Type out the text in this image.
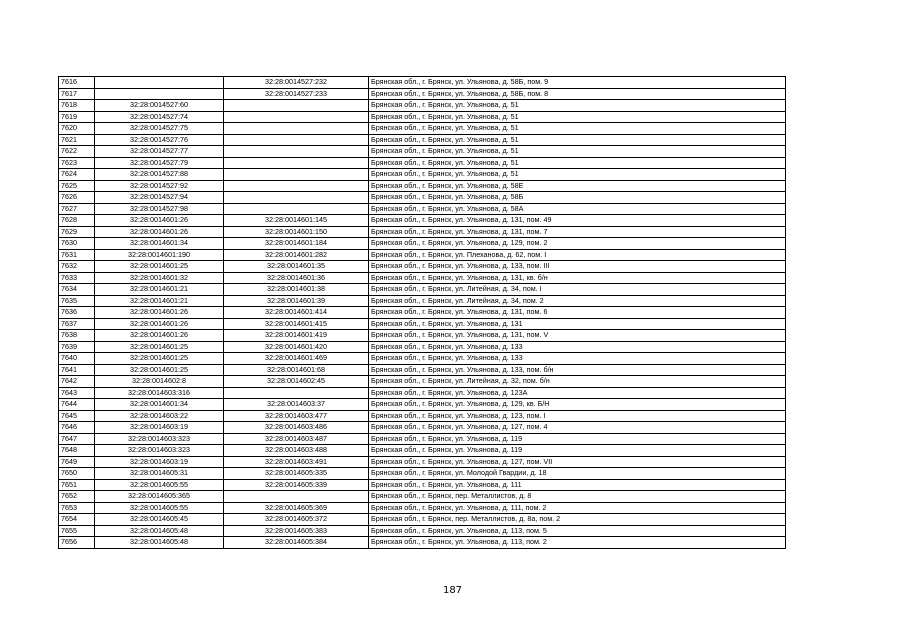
7616		32:28:0014527:232	Брянская обл., г. Брянск, ул. Ульянова, д. 58Б, пом. 9
7617		32:28:0014527:233	Брянская обл., г. Брянск, ул. Ульянова, д. 58Б, пом. 8
7618	32:28:0014527:60		Брянская обл., г. Брянск, ул. Ульянова, д. 51
7619	32:28:0014527:74		Брянская обл., г. Брянск, ул. Ульянова, д. 51
7620	32:28:0014527:75		Брянская обл., г. Брянск, ул. Ульянова, д. 51
7621	32:28:0014527:76		Брянская обл., г. Брянск, ул. Ульянова, д. 51
7622	32:28:0014527:77		Брянская обл., г. Брянск, ул. Ульянова, д. 51
7623	32:28:0014527:79		Брянская обл., г. Брянск, ул. Ульянова, д. 51
7624	32:28:0014527:88		Брянская обл., г. Брянск, ул. Ульянова, д. 51
7625	32:28:0014527:92		Брянская обл., г. Брянск, ул. Ульянова, д. 58Е
7626	32:28:0014527:94		Брянская обл., г. Брянск, ул. Ульянова, д. 58Б
7627	32:28:0014527:98		Брянская обл., г. Брянск, ул. Ульянова, д. 58А
7628	32:28:0014601:26	32:28:0014601:145	Брянская обл., г. Брянск, ул. Ульянова, д. 131, пом. 49
7629	32:28:0014601:26	32:28:0014601:150	Брянская обл., г. Брянск, ул. Ульянова, д. 131, пом. 7
7630	32:28:0014601:34	32:28:0014601:184	Брянская обл., г. Брянск, ул. Ульянова, д. 129, пом. 2
7631	32:28:0014601:190	32:28:0014601:282	Брянская обл., г. Брянск, ул. Плеханова, д. 62, пом. I
7632	32:28:0014601:25	32:28:0014601:35	Брянская обл., г. Брянск, ул. Ульянова, д. 133, пом. III
7633	32:28:0014601:32	32:28:0014601:36	Брянская обл., г. Брянск, ул. Ульянова, д. 131, кв. б/н
7634	32:28:0014601:21	32:28:0014601:38	Брянская обл., г. Брянск, ул. Литейная, д. 34, пом. I
7635	32:28:0014601:21	32:28:0014601:39	Брянская обл., г. Брянск, ул. Литейная, д. 34, пом. 2
7636	32:28:0014601:26	32:28:0014601:414	Брянская обл., г. Брянск, ул. Ульянова, д. 131, пом. 6
7637	32:28:0014601:26	32:28:0014601:415	Брянская обл., г. Брянск, ул. Ульянова, д. 131
7638	32:28:0014601:26	32:28:0014601:419	Брянская обл., г. Брянск, ул. Ульянова, д. 131, пом. V
7639	32:28:0014601:25	32:28:0014601:420	Брянская обл., г. Брянск, ул. Ульянова, д. 133
7640	32:28:0014601:25	32:28:0014601:469	Брянская обл., г. Брянск, ул. Ульянова, д. 133
7641	32:28:0014601:25	32:28:0014601:68	Брянская обл., г. Брянск, ул. Ульянова, д. 133, пом. б/н
7642	32:28:0014602:8	32:28:0014602:45	Брянская обл., г. Брянск, ул. Литейная, д. 32, пом. б/н
7643	32:28:0014603:316		Брянская обл., г. Брянск, ул. Ульянова, д. 123А
7644	32:28:0014601:34	32:28:0014603:37	Брянская обл., г. Брянск, ул. Ульянова, д. 129, кв. Б/Н
7645	32:28:0014603:22	32:28:0014603:477	Брянская обл., г. Брянск, ул. Ульянова, д. 123, пом. I
7646	32:28:0014603:19	32:28:0014603:486	Брянская обл., г. Брянск, ул. Ульянова, д. 127, пом. 4
7647	32:28:0014603:323	32:28:0014603:487	Брянская обл., г. Брянск, ул. Ульянова, д. 119
7648	32:28:0014603:323	32:28:0014603:488	Брянская обл., г. Брянск, ул. Ульянова, д. 119
7649	32:28:0014603:19	32:28:0014603:491	Брянская обл., г. Брянск, ул. Ульянова, д. 127, пом. VII
7650	32:28:0014605:31	32:28:0014605:335	Брянская обл., г. Брянск, ул. Молодой Гвардии, д. 18
7651	32:28:0014605:55	32:28:0014605:339	Брянская обл., г. Брянск, ул. Ульянова, д. 111
7652	32:28:0014605:365		Брянская обл., г. Брянск, пер. Металлистов, д. 8
7653	32:28:0014605:55	32:28:0014605:369	Брянская обл., г. Брянск, ул. Ульянова, д. 111, пом. 2
7654	32:28:0014605:45	32:28:0014605:372	Брянская обл., г. Брянск, пер. Металлистов, д. 8а, пом. 2
7655	32:28:0014605:48	32:28:0014605:383	Брянская обл., г. Брянск, ул. Ульянова, д. 113, пом. 5
7656	32:28:0014605:48	32:28:0014605:384	Брянская обл., г. Брянск, ул. Ульянова, д. 113, пом. 2
187
